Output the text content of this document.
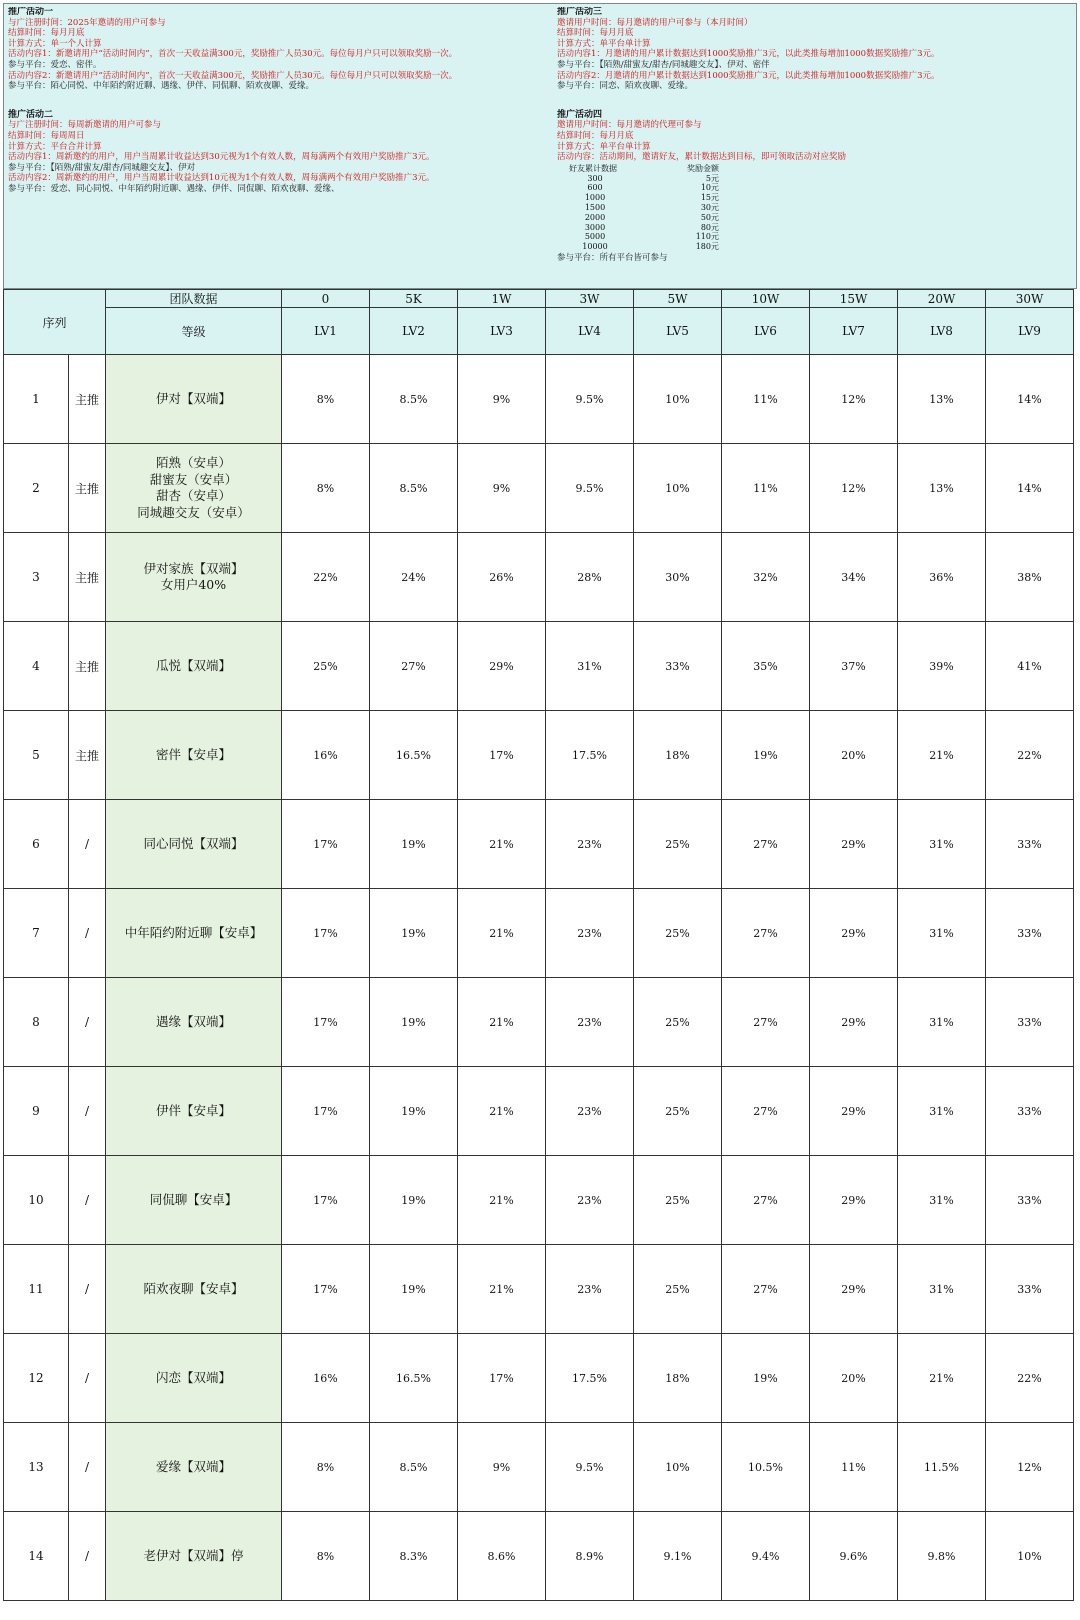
推广活动一
与广注册时间：2025年邀请的用户可参与
结算时间：每月月底
计算方式：单一个人计算
活动内容1：新邀请用户“活动时间内”，首次一天收益满300元，奖励推广人员30元。每位每月户只可以领取奖励一次。
参与平台：爱恋、密伴。
活动内容2：新邀请用户“活动时间内”，首次一天收益满300元，奖励推广人员30元。每位每月户只可以领取奖励一次。
参与平台：陌心同悦、中年陌约附近聊、遇缘、伊伴、同侃聊、陌欢夜聊、爱缘。
推广活动二
与广注册时间：每周新邀请的用户可参与
结算时间：每周周日
计算方式：平台合并计算
活动内容1：周新邀约的用户，用户当周累计收益达到30元视为1个有效人数，周每满两个有效用户奖励推广3元。
参与平台：【陌熟/甜蜜友/甜杏/同城趣交友】、伊对
活动内容2：周新邀约的用户，用户当周累计收益达到10元视为1个有效人数，周每满两个有效用户奖励推广3元。
参与平台：爱恋、同心同悦、中年陌约附近聊、遇缘、伊伴、同侃聊、陌欢夜聊、爱缘、
推广活动三
邀请用户时间：每月邀请的用户可参与（本月时间）
结算时间：每月月底
计算方式：单平台单计算
活动内容1：月邀请的用户累计数据达到1000奖励推广3元，以此类推每增加1000数据奖励推广3元。
参与平台：【陌熟/甜蜜友/甜杏/同城趣交友】、伊对、密伴
活动内容2：月邀请的用户累计数据达到1000奖励推广3元，以此类推每增加1000数据奖励推广3元。
参与平台：同恋、陌欢夜聊、爱缘。
推广活动四
邀请用户时间：每月邀请的代理可参与
结算时间：每月月底
计算方式：单平台单计算
活动内容：活动期间，邀请好友，累计数据达到目标，即可领取活动对应奖励
好友累计数据	奖励金额
300	5元
600	10元
1000	15元
1500	30元
2000	50元
3000	80元
5000	110元
10000	180元
参与平台：所有平台皆可参与
序列		团队数据	0	5K	1W	3W	5W	10W	15W	20W	30W
		等级	LV1	LV2	LV3	LV4	LV5	LV6	LV7	LV8	LV9
1	主推	伊对【双端】	8%	8.5%	9%	9.5%	10%	11%	12%	13%	14%
2	主推	陌熟（安卓）
甜蜜友（安卓）
甜杏（安卓）
同城趣交友（安卓）	8%	8.5%	9%	9.5%	10%	11%	12%	13%	14%
3	主推	伊对家族【双端】
女用户40%	22%	24%	26%	28%	30%	32%	34%	36%	38%
4	主推	瓜悦【双端】	25%	27%	29%	31%	33%	35%	37%	39%	41%
5	主推	密伴【安卓】	16%	16.5%	17%	17.5%	18%	19%	20%	21%	22%
6	/	同心同悦【双端】	17%	19%	21%	23%	25%	27%	29%	31%	33%
7	/	中年陌约附近聊【安卓】	17%	19%	21%	23%	25%	27%	29%	31%	33%
8	/	遇缘【双端】	17%	19%	21%	23%	25%	27%	29%	31%	33%
9	/	伊伴【安卓】	17%	19%	21%	23%	25%	27%	29%	31%	33%
10	/	同侃聊【安卓】	17%	19%	21%	23%	25%	27%	29%	31%	33%
11	/	陌欢夜聊【安卓】	17%	19%	21%	23%	25%	27%	29%	31%	33%
12	/	闪恋【双端】	16%	16.5%	17%	17.5%	18%	19%	20%	21%	22%
13	/	爱缘【双端】	8%	8.5%	9%	9.5%	10%	10.5%	11%	11.5%	12%
14	/	老伊对【双端】停	8%	8.3%	8.6%	8.9%	9.1%	9.4%	9.6%	9.8%	10%
